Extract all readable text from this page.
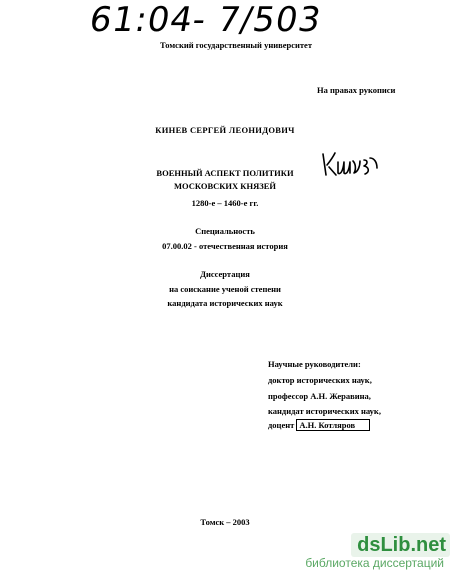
61:04- 7/503
Томский государственный университет
На правах рукописи
КИНЕВ СЕРГЕЙ ЛЕОНИДОВИЧ
ВОЕННЫЙ АСПЕКТ ПОЛИТИКИ
МОСКОВСКИХ КНЯЗЕЙ
1280-е – 1460-е гг.
Специальность
07.00.02 - отечественная история
Диссертация
на соискание ученой степени
кандидата исторических наук
Научные руководители:
доктор исторических наук,
профессор А.Н. Жеравина,
кандидат исторических наук,
доцент А.Н. Котляров
Томск – 2003
dsLib.net
библиотека диссертаций
